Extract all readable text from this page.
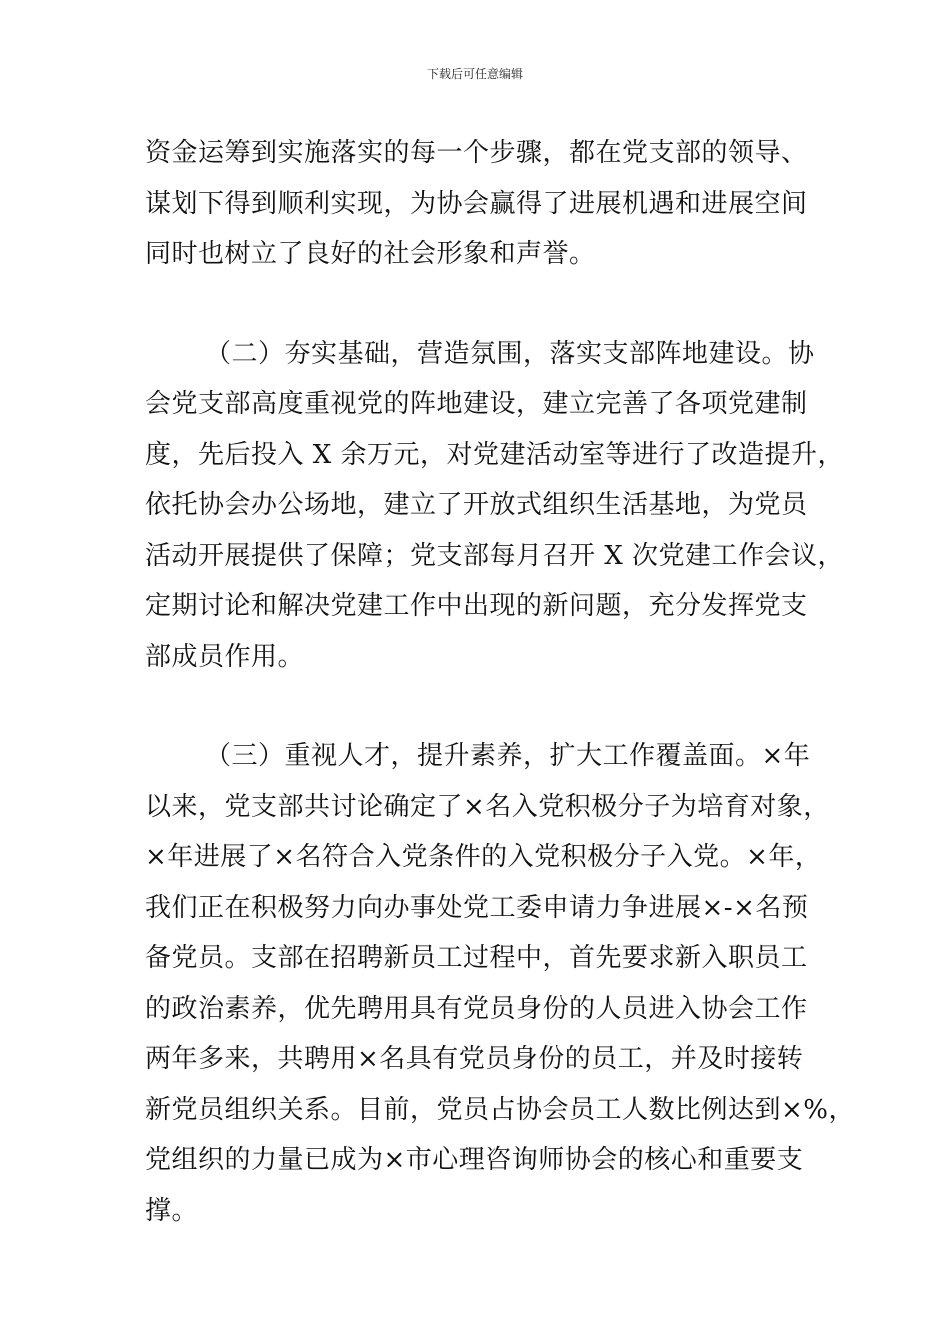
下载后可任意编辑

资金运筹到实施落实的每一个步骤，都在党支部的领导、
谋划下得到顺利实现，为协会赢得了进展机遇和进展空间
同时也树立了良好的社会形象和声誉。

（二）夯实基础，营造氛围，落实支部阵地建设。协
会党支部高度重视党的阵地建设，建立完善了各项党建制
度，先后投入 X 余万元，对党建活动室等进行了改造提升，
依托协会办公场地，建立了开放式组织生活基地，为党员
活动开展提供了保障；党支部每月召开 X 次党建工作会议，
定期讨论和解决党建工作中出现的新问题，充分发挥党支
部成员作用。

（三）重视人才，提升素养，扩大工作覆盖面。×年
以来，党支部共讨论确定了×名入党积极分子为培育对象，
×年进展了×名符合入党条件的入党积极分子入党。×年，
我们正在积极努力向办事处党工委申请力争进展×-×名预
备党员。支部在招聘新员工过程中，首先要求新入职员工
的政治素养，优先聘用具有党员身份的人员进入协会工作
两年多来，共聘用×名具有党员身份的员工，并及时接转
新党员组织关系。目前，党员占协会员工人数比例达到×%，
党组织的力量已成为×市心理咨询师协会的核心和重要支
撑。
